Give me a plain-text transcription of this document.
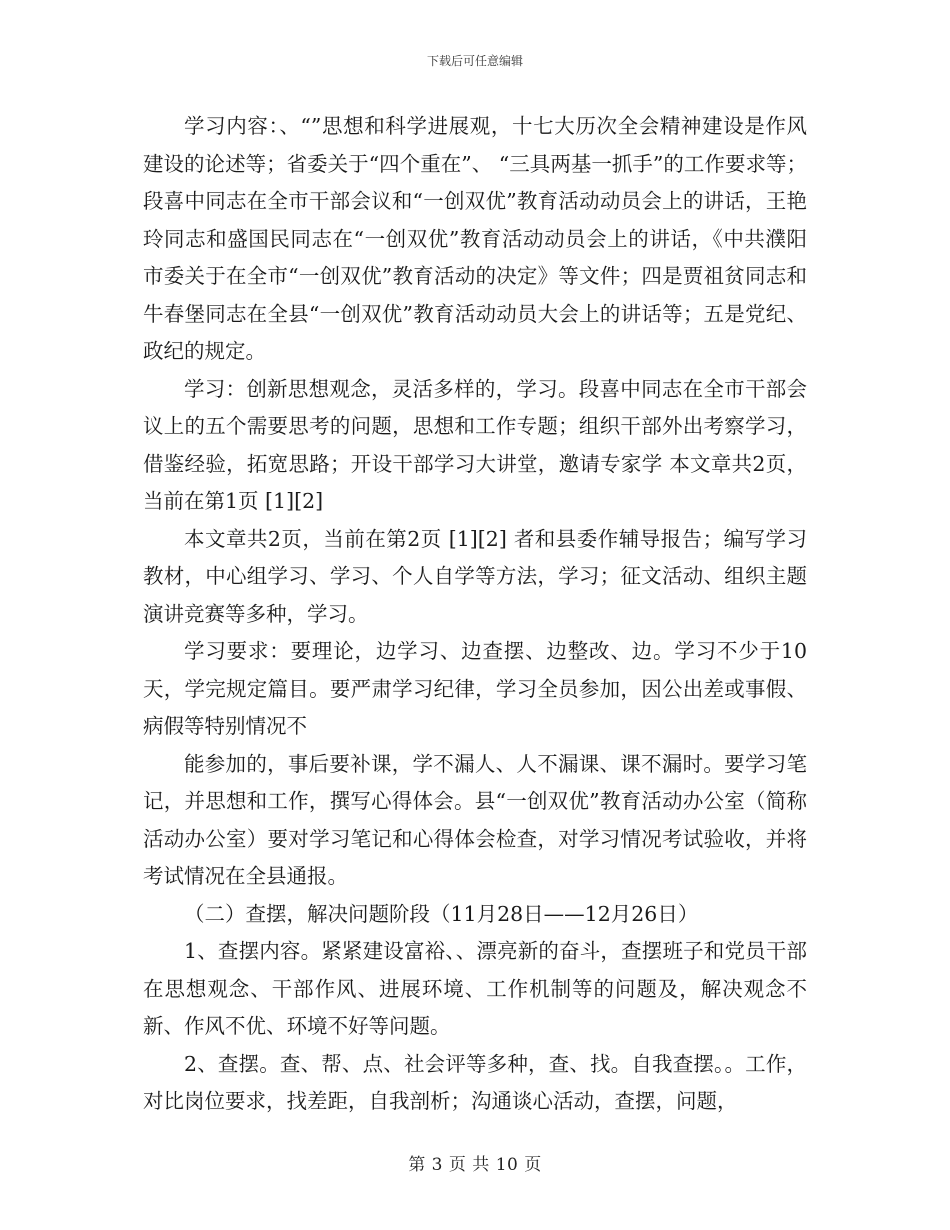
下载后可任意编辑

学习内容：、“”思想和科学进展观，十七大历次全会精神建设是作风建设的论述等；省委关于“四个重在”、 “三具两基一抓手”的工作要求等；段喜中同志在全市干部会议和“一创双优”教育活动动员会上的讲话，王艳玲同志和盛国民同志在“一创双优”教育活动动员会上的讲话，《中共濮阳市委关于在全市“一创双优”教育活动的决定》等文件；四是贾祖贫同志和牛春堡同志在全县“一创双优”教育活动动员大会上的讲话等；五是党纪、政纪的规定。

学习：创新思想观念，灵活多样的，学习。段喜中同志在全市干部会议上的五个需要思考的问题，思想和工作专题；组织干部外出考察学习，借鉴经验，拓宽思路；开设干部学习大讲堂，邀请专家学 本文章共2页，当前在第1页 [1][2]

本文章共2页，当前在第2页 [1][2] 者和县委作辅导报告；编写学习教材，中心组学习、学习、个人自学等方法，学习；征文活动、组织主题演讲竞赛等多种，学习。

学习要求：要理论，边学习、边查摆、边整改、边。学习不少于10天，学完规定篇目。要严肃学习纪律，学习全员参加，因公出差或事假、病假等特别情况不

能参加的，事后要补课，学不漏人、人不漏课、课不漏时。要学习笔记，并思想和工作，撰写心得体会。县“一创双优”教育活动办公室（简称活动办公室）要对学习笔记和心得体会检查，对学习情况考试验收，并将考试情况在全县通报。

（二）查摆，解决问题阶段（11月28日——12月26日）

1、查摆内容。紧紧建设富裕、、漂亮新的奋斗，查摆班子和党员干部在思想观念、干部作风、进展环境、工作机制等的问题及，解决观念不新、作风不优、环境不好等问题。

2、查摆。查、帮、点、社会评等多种，查、找。自我查摆。。工作，对比岗位要求，找差距，自我剖析；沟通谈心活动，查摆，问题，

第 3 页 共 10 页
